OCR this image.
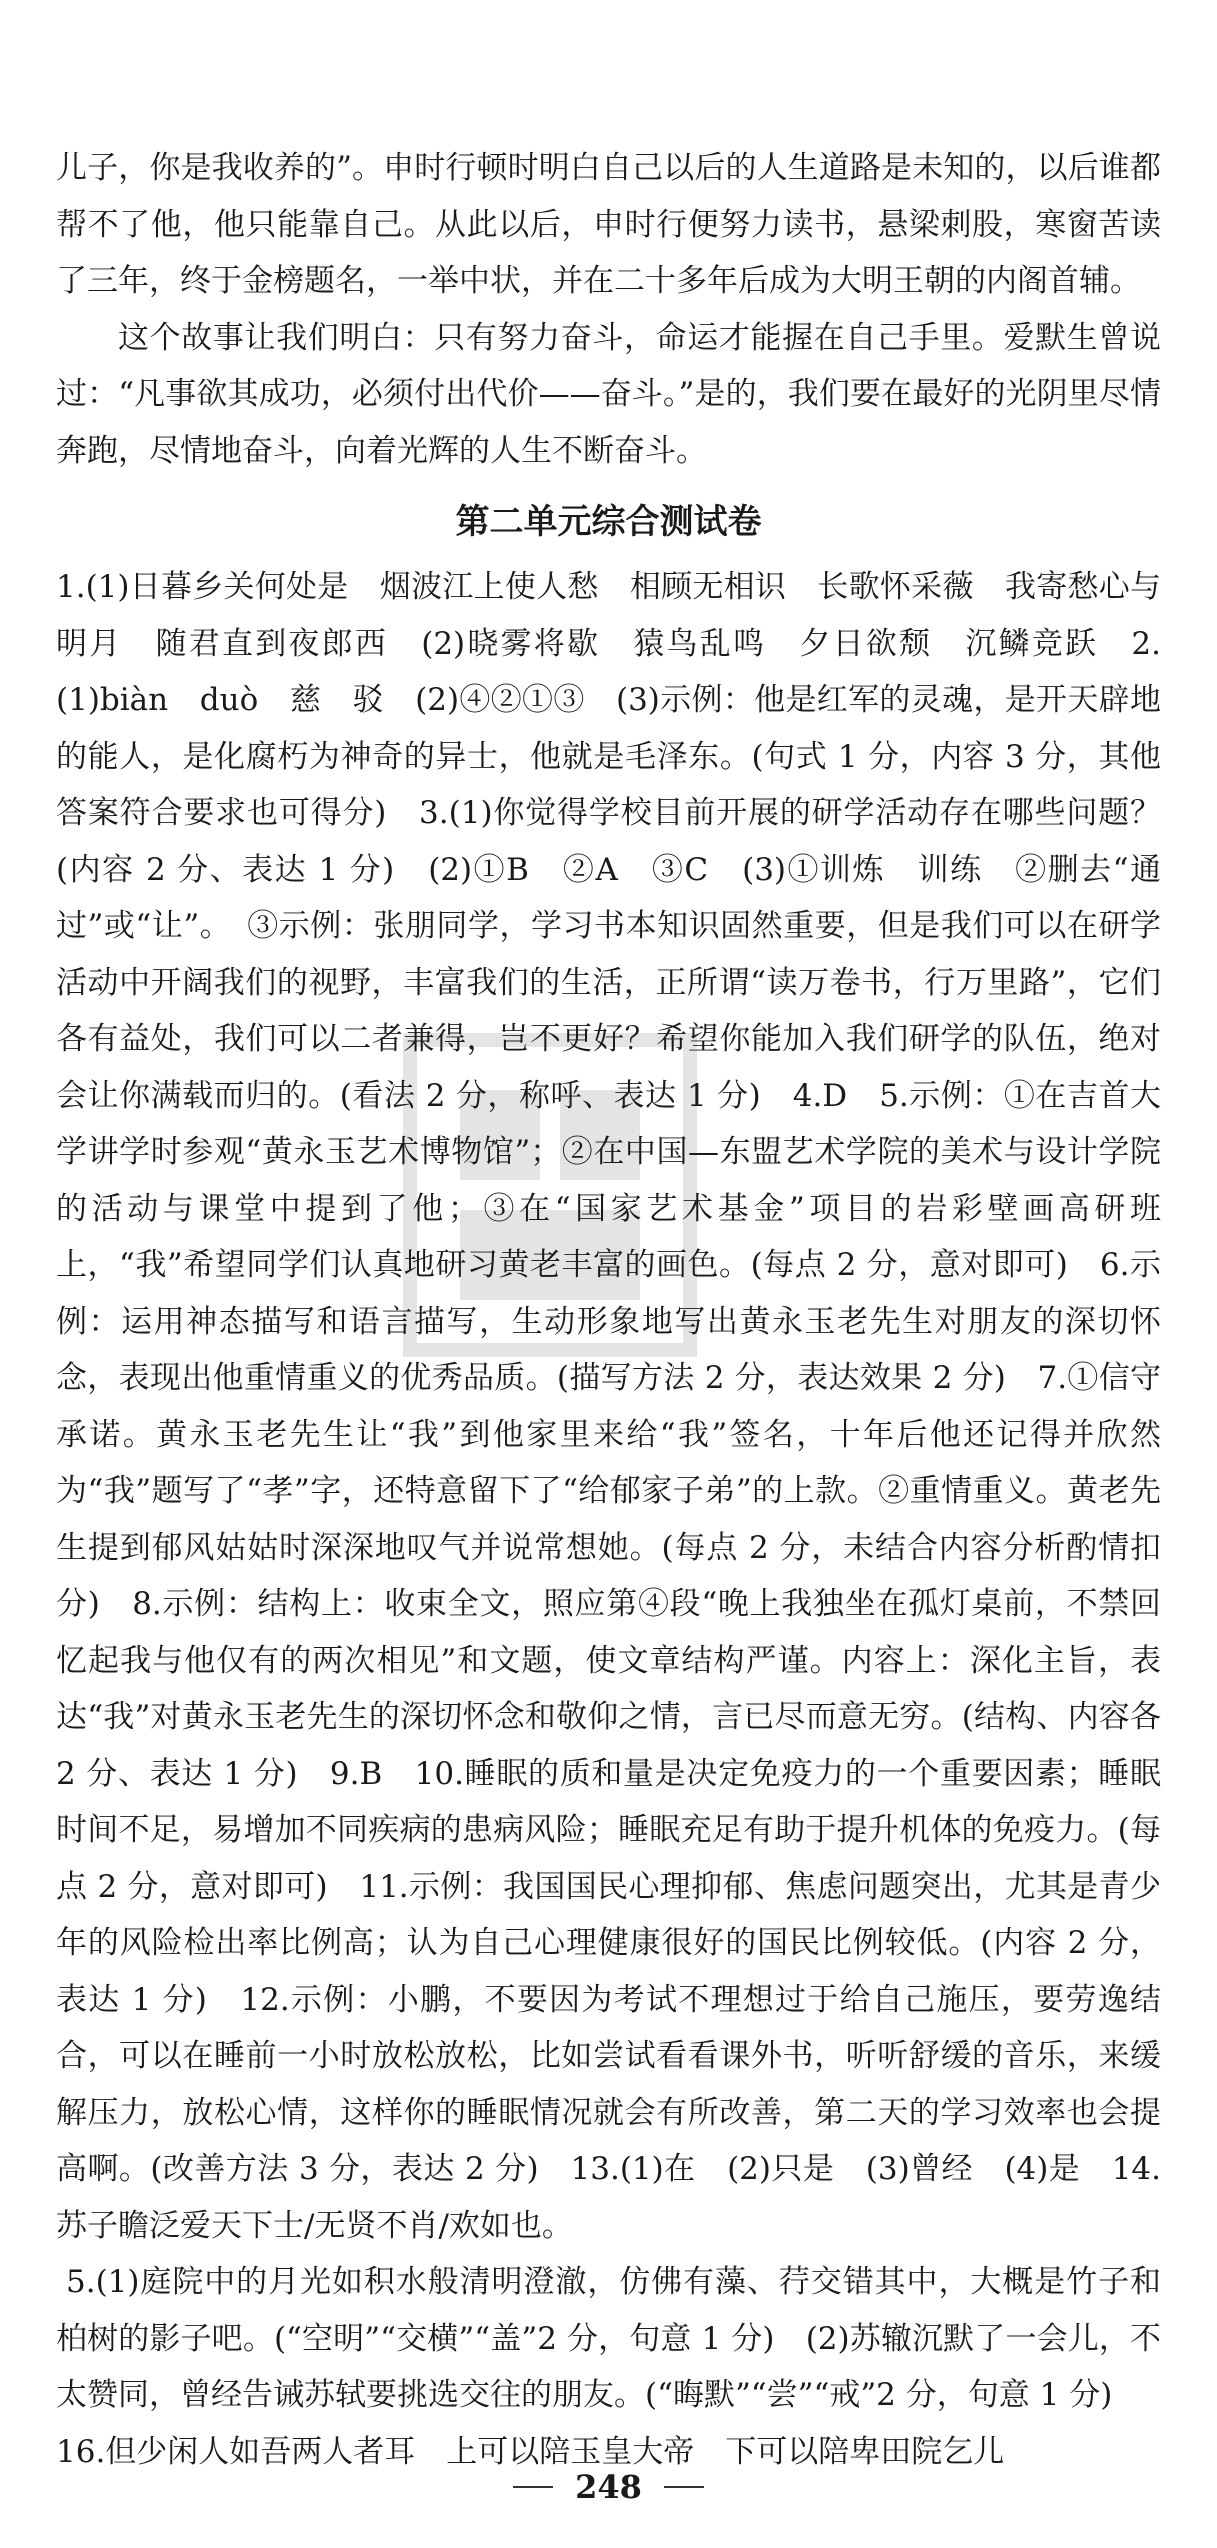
儿子，你是我收养的”。申时行顿时明白自己以后的人生道路是未知的，以后谁都帮不了他，他只能靠自己。从此以后，申时行便努力读书，悬梁刺股，寒窗苦读了三年，终于金榜题名，一举中状，并在二十多年后成为大明王朝的内阁首辅。

这个故事让我们明白：只有努力奋斗，命运才能握在自己手里。爱默生曾说过：“凡事欲其成功，必须付出代价——奋斗。”是的，我们要在最好的光阴里尽情奔跑，尽情地奋斗，向着光辉的人生不断奋斗。

第二单元综合测试卷

1.(1)日暮乡关何处是　烟波江上使人愁　相顾无相识　长歌怀采薇　我寄愁心与明月　随君直到夜郎西　(2)晓雾将歇　猿鸟乱鸣　夕日欲颓　沉鳞竞跃　2.(1)biàn　duò　慈　驳　(2)④②①③　(3)示例：他是红军的灵魂，是开天辟地的能人，是化腐朽为神奇的异士，他就是毛泽东。(句式 1 分，内容 3 分，其他答案符合要求也可得分)　3.(1)你觉得学校目前开展的研学活动存在哪些问题？(内容 2 分、表达 1 分)　(2)①B　②A　③C　(3)①训炼　训练　②删去“通过”或“让”。　③示例：张朋同学，学习书本知识固然重要，但是我们可以在研学活动中开阔我们的视野，丰富我们的生活，正所谓“读万卷书，行万里路”，它们各有益处，我们可以二者兼得，岂不更好？希望你能加入我们研学的队伍，绝对会让你满载而归的。(看法 2 分，称呼、表达 1 分)　4.D　5.示例：①在吉首大学讲学时参观“黄永玉艺术博物馆”；②在中国—东盟艺术学院的美术与设计学院的活动与课堂中提到了他；③在“国家艺术基金”项目的岩彩壁画高研班上，“我”希望同学们认真地研习黄老丰富的画色。(每点 2 分，意对即可)　6.示例：运用神态描写和语言描写，生动形象地写出黄永玉老先生对朋友的深切怀念，表现出他重情重义的优秀品质。(描写方法 2 分，表达效果 2 分)　7.①信守承诺。黄永玉老先生让“我”到他家里来给“我”签名，十年后他还记得并欣然为“我”题写了“孝”字，还特意留下了“给郁家子弟”的上款。②重情重义。黄老先生提到郁风姑姑时深深地叹气并说常想她。(每点 2 分，未结合内容分析酌情扣分)　8.示例：结构上：收束全文，照应第④段“晚上我独坐在孤灯桌前，不禁回忆起我与他仅有的两次相见”和文题，使文章结构严谨。内容上：深化主旨，表达“我”对黄永玉老先生的深切怀念和敬仰之情，言已尽而意无穷。(结构、内容各 2 分、表达 1 分)　9.B　10.睡眠的质和量是决定免疫力的一个重要因素；睡眠时间不足，易增加不同疾病的患病风险；睡眠充足有助于提升机体的免疫力。(每点 2 分，意对即可)　11.示例：我国国民心理抑郁、焦虑问题突出，尤其是青少年的风险检出率比例高；认为自己心理健康很好的国民比例较低。(内容 2 分，表达 1 分)　12.示例：小鹏，不要因为考试不理想过于给自己施压，要劳逸结合，可以在睡前一小时放松放松，比如尝试看看课外书，听听舒缓的音乐，来缓解压力，放松心情，这样你的睡眠情况就会有所改善，第二天的学习效率也会提高啊。(改善方法 3 分，表达 2 分)　13.(1)在　(2)只是　(3)曾经　(4)是　14.苏子瞻泛爱天下士/无贤不肖/欢如也。

5.(1)庭院中的月光如积水般清明澄澈，仿佛有藻、荇交错其中，大概是竹子和柏树的影子吧。(“空明”“交横”“盖”2 分，句意 1 分)　(2)苏辙沉默了一会儿，不太赞同，曾经告诫苏轼要挑选交往的朋友。(“晦默”“尝”“戒”2 分，句意 1 分)

16.但少闲人如吾两人者耳　上可以陪玉皇大帝　下可以陪卑田院乞儿

248
